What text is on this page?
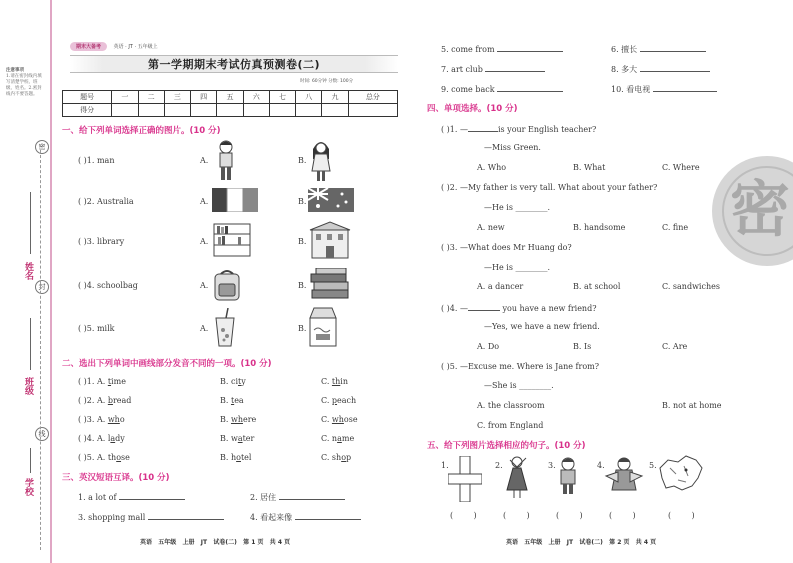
注意事项
1.请在密封线内填写清楚学校、班级、姓名。2.密封线内不要答题。
密
封
线
姓名
班级
学校
期末大备考	英语 · JT · 五年级上
第一学期期末考试仿真预测卷(二)
时间: 60分钟 分数: 100分
题号	一	二	三	四	五	六	七	八	九	总分
得分										
一、给下列单词选择正确的图片。(10 分)
( )1. man	A.	B.
( )2. Australia	A.	B.
( )3. library	A.	B.
( )4. schoolbag	A.	B.
( )5. milk	A.	B.
二、选出下列单词中画线部分发音不同的一项。(10 分)
( )1. A. time	B. city	C. thin
( )2. A. bread	B. tea	C. peach
( )3. A. who	B. where	C. whose
( )4. A. lady	B. water	C. name
( )5. A. those	B. hotel	C. shop
三、英汉短语互译。(10 分)
1. a lot of	2. 居住
3. shopping mall	4. 看起来像
英语   五年级   上册   JT   试卷(二)   第 1 页   共 4 页
5. come from	6. 擅长
7. art club	8. 多大
9. come back	10. 看电视
四、单项选择。(10 分)
( )1. —	is your English teacher?
—Miss Green.
A. Who	B. What	C. Where
( )2. —My father is very tall. What about your father?
—He is ________.
A. new	B. handsome	C. fine
( )3. —What does Mr Huang do?
—He is ________.
A. a dancer	B. at school	C. sandwiches
( )4. —	you have a new friend?
—Yes, we have a new friend.
A. Do	B. Is	C. Are
( )5. —Excuse me. Where is Jane from?
—She is ________.
A. the classroom	B. not at home
C. from England
密
五、给下列图片选择相应的句子。(10 分)
1.	2.	3.	4.	5.
(        )	(        )	(        )	(        )	(        )
英语   五年级   上册   JT   试卷(二)   第 2 页   共 4 页
